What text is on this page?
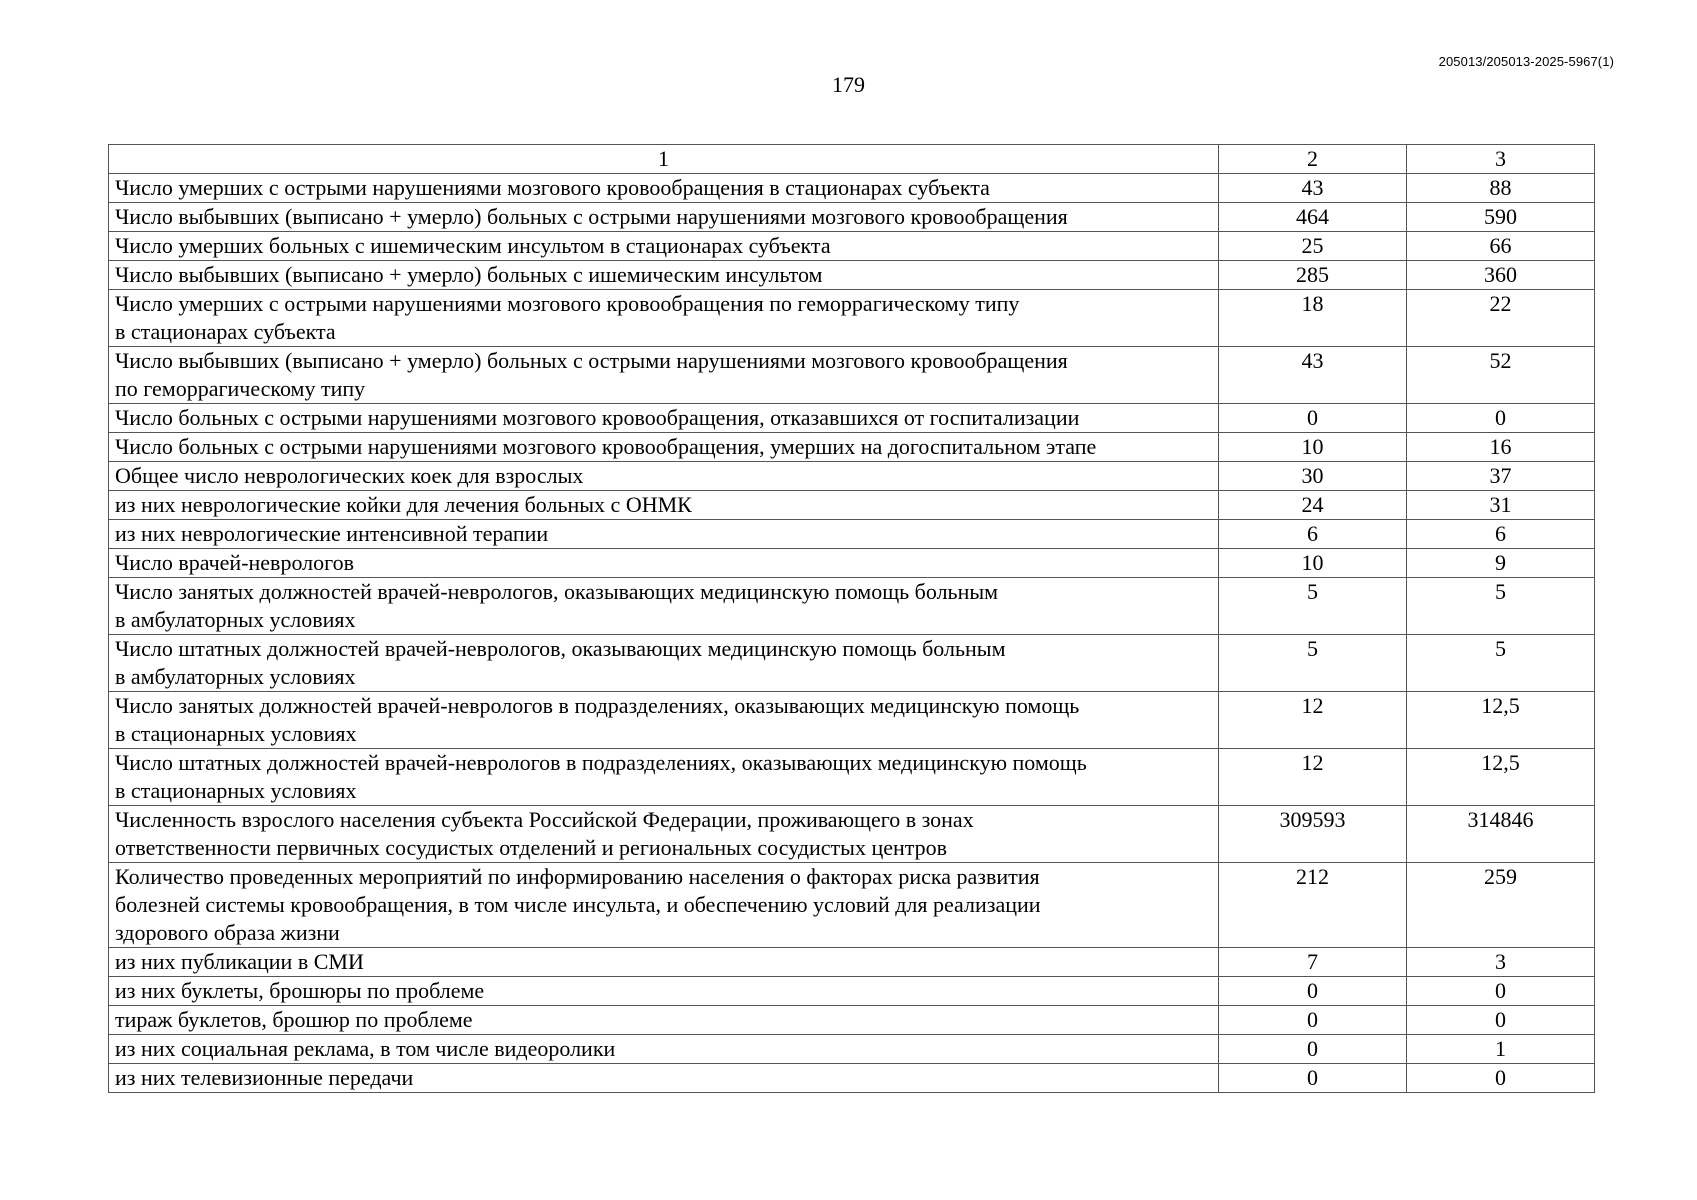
205013/205013-2025-5967(1)
179
1	2	3
Число умерших с острыми нарушениями мозгового кровообращения в стационарах субъекта	43	88
Число выбывших (выписано + умерло) больных с острыми нарушениями мозгового кровообращения	464	590
Число умерших больных с ишемическим инсультом в стационарах субъекта	25	66
Число выбывших (выписано + умерло) больных с ишемическим инсультом	285	360
Число умерших с острыми нарушениями мозгового кровообращения по геморрагическому типу
в стационарах субъекта	18	22
Число выбывших (выписано + умерло) больных с острыми нарушениями мозгового кровообращения
по геморрагическому типу	43	52
Число больных с острыми нарушениями мозгового кровообращения, отказавшихся от госпитализации	0	0
Число больных с острыми нарушениями мозгового кровообращения, умерших на догоспитальном этапе	10	16
Общее число неврологических коек для взрослых	30	37
из них неврологические койки для лечения больных с ОНМК	24	31
из них неврологические интенсивной терапии	6	6
Число врачей-неврологов	10	9
Число занятых должностей врачей-неврологов, оказывающих медицинскую помощь больным
в амбулаторных условиях	5	5
Число штатных должностей врачей-неврологов, оказывающих медицинскую помощь больным
в амбулаторных условиях	5	5
Число занятых должностей врачей-неврологов в подразделениях, оказывающих медицинскую помощь
в стационарных условиях	12	12,5
Число штатных должностей врачей-неврологов в подразделениях, оказывающих медицинскую помощь
в стационарных условиях	12	12,5
Численность взрослого населения субъекта Российской Федерации, проживающего в зонах
ответственности первичных сосудистых отделений и региональных сосудистых центров	309593	314846
Количество проведенных мероприятий по информированию населения о факторах риска развития
болезней системы кровообращения, в том числе инсульта, и обеспечению условий для реализации
здорового образа жизни	212	259
из них публикации в СМИ	7	3
из них буклеты, брошюры по проблеме	0	0
тираж буклетов, брошюр по проблеме	0	0
из них социальная реклама, в том числе видеоролики	0	1
из них телевизионные передачи	0	0
